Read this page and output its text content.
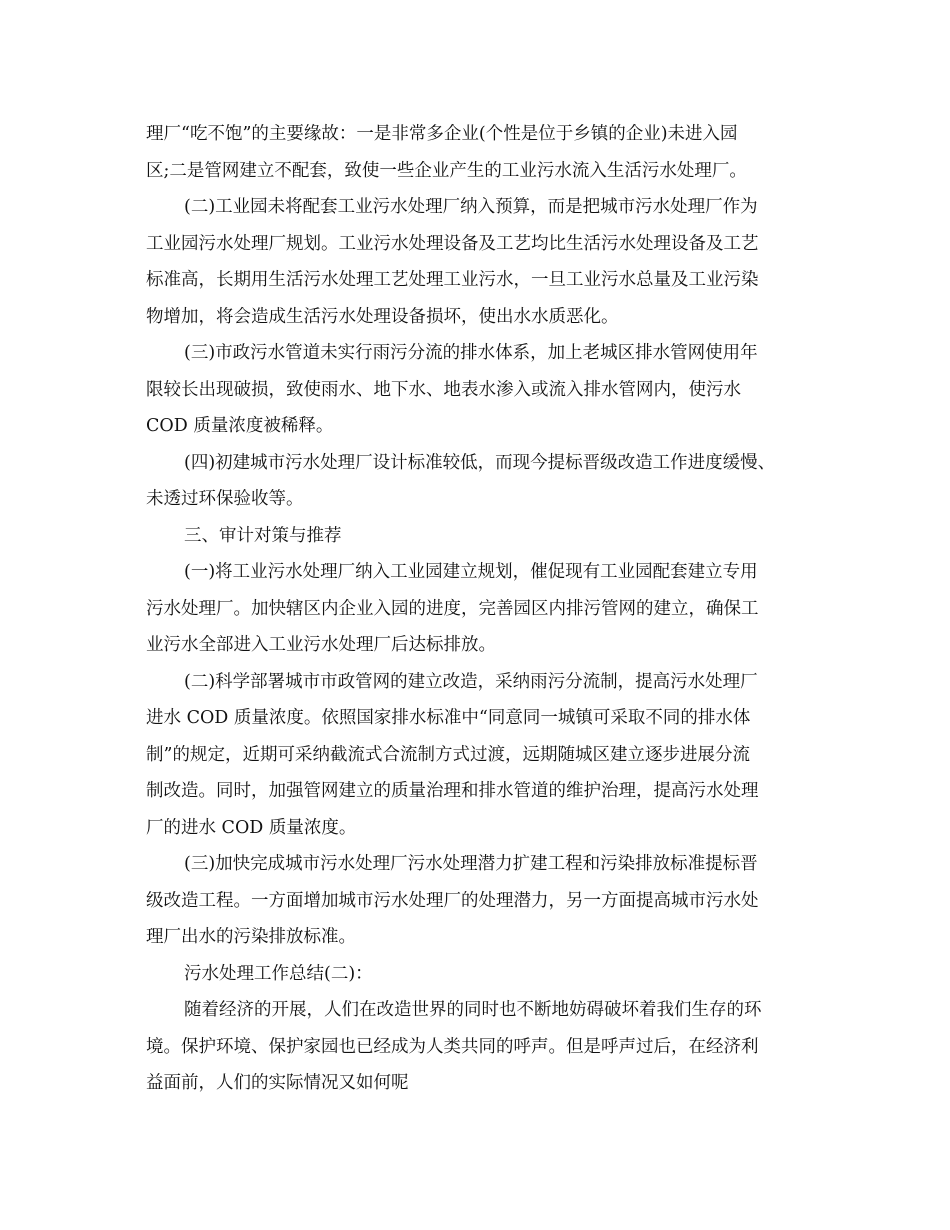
理厂“吃不饱”的主要缘故：一是非常多企业(个性是位于乡镇的企业)未进入园
区;二是管网建立不配套，致使一些企业产生的工业污水流入生活污水处理厂。
(二)工业园未将配套工业污水处理厂纳入预算，而是把城市污水处理厂作为
工业园污水处理厂规划。工业污水处理设备及工艺均比生活污水处理设备及工艺
标准高，长期用生活污水处理工艺处理工业污水，一旦工业污水总量及工业污染
物增加，将会造成生活污水处理设备损坏，使出水水质恶化。
(三)市政污水管道未实行雨污分流的排水体系，加上老城区排水管网使用年
限较长出现破损，致使雨水、地下水、地表水渗入或流入排水管网内，使污水
COD 质量浓度被稀释。
(四)初建城市污水处理厂设计标准较低，而现今提标晋级改造工作进度缓慢、
未透过环保验收等。
三、审计对策与推荐
(一)将工业污水处理厂纳入工业园建立规划，催促现有工业园配套建立专用
污水处理厂。加快辖区内企业入园的进度，完善园区内排污管网的建立，确保工
业污水全部进入工业污水处理厂后达标排放。
(二)科学部署城市市政管网的建立改造，采纳雨污分流制，提高污水处理厂
进水 COD 质量浓度。依照国家排水标准中“同意同一城镇可采取不同的排水体
制”的规定，近期可采纳截流式合流制方式过渡，远期随城区建立逐步进展分流
制改造。同时，加强管网建立的质量治理和排水管道的维护治理，提高污水处理
厂的进水 COD 质量浓度。
(三)加快完成城市污水处理厂污水处理潜力扩建工程和污染排放标准提标晋
级改造工程。一方面增加城市污水处理厂的处理潜力，另一方面提高城市污水处
理厂出水的污染排放标准。
污水处理工作总结(二)：
随着经济的开展，人们在改造世界的同时也不断地妨碍破坏着我们生存的环
境。保护环境、保护家园也已经成为人类共同的呼声。但是呼声过后，在经济利
益面前，人们的实际情况又如何呢
